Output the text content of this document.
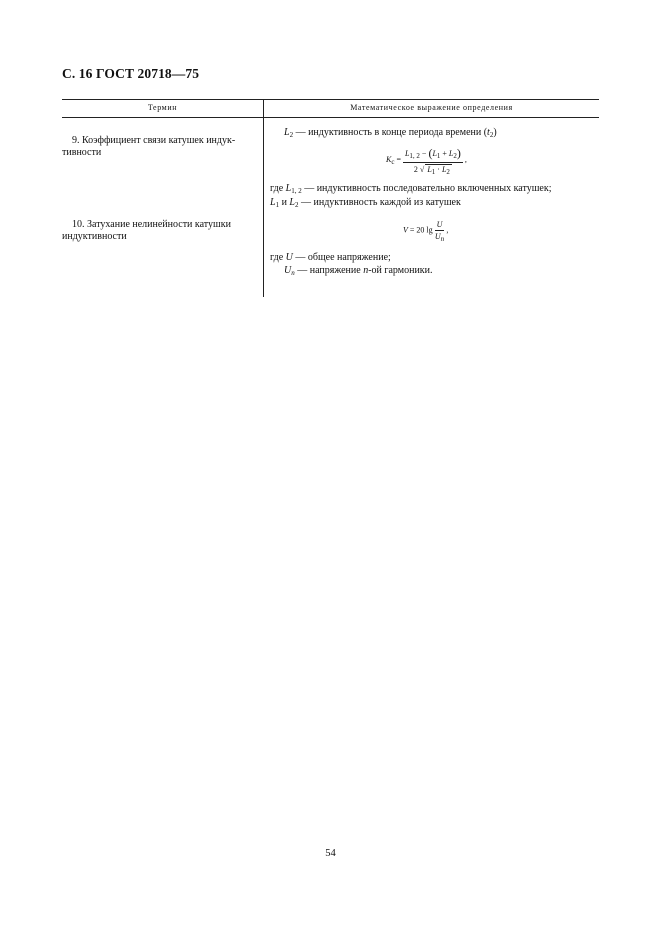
С. 16 ГОСТ 20718—75
Термин	Математическое выражение определения
9. Коэффициент связи катушек индук-
тивности
$L_2$ — индуктивность в конце периода времени $(t_2)$
$K_c = \frac{L_{1, 2} - (L_1 + L_2)}{2 √ L_1 \cdot L_2}$ ,
где $L_{1, 2}$ — индуктивность последовательно включенных катушек;
$L_1$ и $L_2$ — индуктивность каждой из катушек
10. Затухание нелинейности катушки
индуктивности
V = 20 $\lg \frac{U}{U_n}$ ,
где U — общее напряжение;
$U_n$ — напряжение n-ой гармоники.
54
